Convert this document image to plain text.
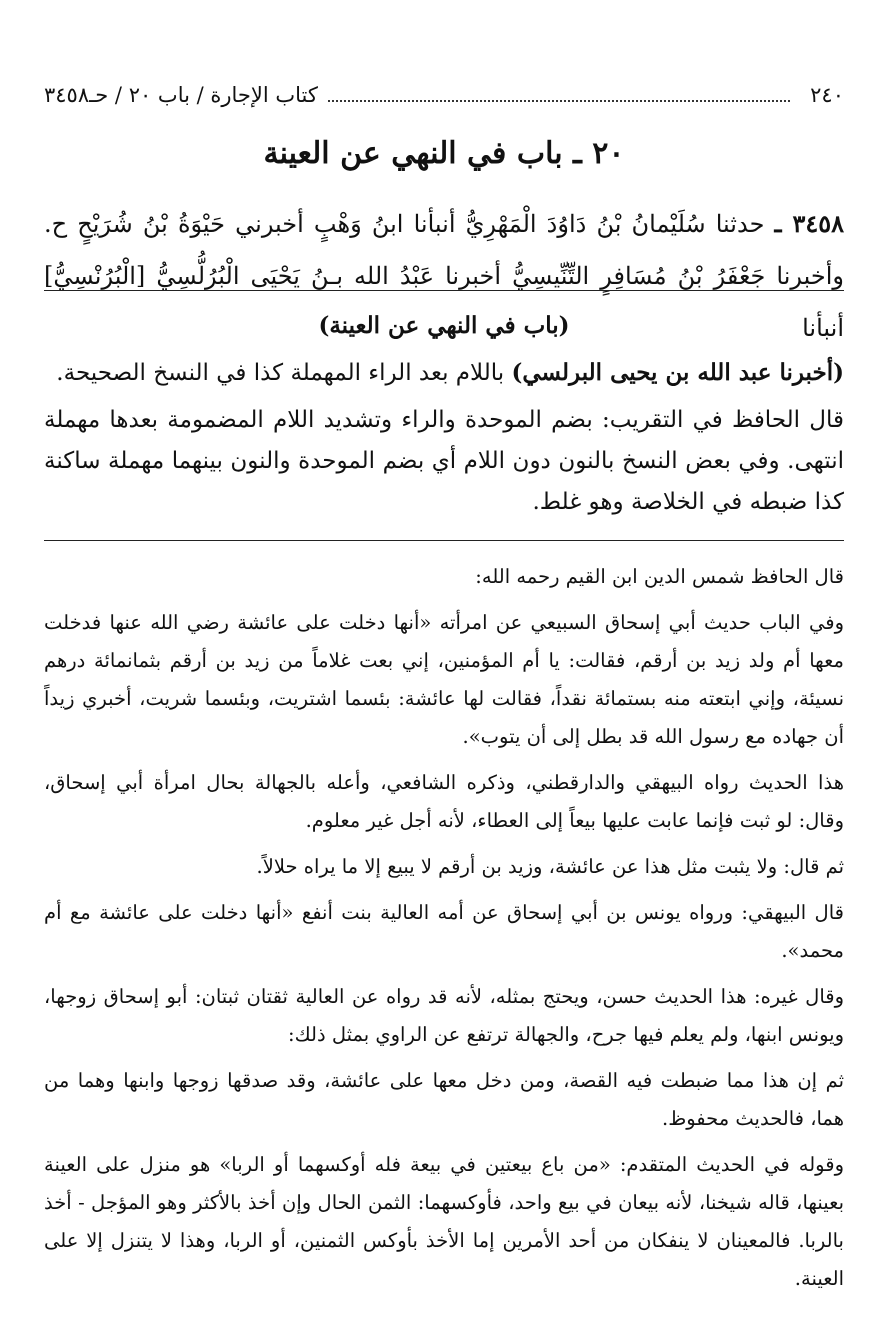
٢٤٠
كتاب الإجارة / باب ٢٠ / حـ٣٤٥٨
٢٠ ـ باب في النهي عن العينة
٣٤٥٨ ـ حدثنا سُلَيْمانُ بْنُ دَاوُدَ الْمَهْرِيُّ أنبأنا ابنُ وَهْبٍ أخبرني حَيْوَةُ بْنُ شُرَيْحٍ ح. وأخبرنا جَعْفَرُ بْنُ مُسَافِرٍ التِّنِّيسِيُّ أخبرنا عَبْدُ الله بـنُ يَحْيَى الْبُرُلُّسِيُّ [الْبُرُنْسِيُّ] أنبأنا

(باب في النهي عن العينة)

(أخبرنا عبد الله بن يحيى البرلسي) باللام بعد الراء المهملة كذا في النسخ الصحيحة.

قال الحافظ في التقريب: بضم الموحدة والراء وتشديد اللام المضمومة بعدها مهملة انتهى. وفي بعض النسخ بالنون دون اللام أي بضم الموحدة والنون بينهما مهملة ساكنة كذا ضبطه في الخلاصة وهو غلط.

قال الحافظ شمس الدين ابن القيم رحمه الله:

وفي الباب حديث أبي إسحاق السبيعي عن امرأته «أنها دخلت على عائشة رضي الله عنها فدخلت معها أم ولد زيد بن أرقم، فقالت: يا أم المؤمنين، إني بعت غلاماً من زيد بن أرقم بثمانمائة درهم نسيئة، وإني ابتعته منه بستمائة نقداً، فقالت لها عائشة: بئسما اشتريت، وبئسما شريت، أخبري زيداً أن جهاده مع رسول الله قد بطل إلى أن يتوب».

هذا الحديث رواه البيهقي والدارقطني، وذكره الشافعي، وأعله بالجهالة بحال امرأة أبي إسحاق، وقال: لو ثبت فإنما عابت عليها بيعاً إلى العطاء، لأنه أجل غير معلوم.

ثم قال: ولا يثبت مثل هذا عن عائشة، وزيد بن أرقم لا يبيع إلا ما يراه حلالاً.

قال البيهقي: ورواه يونس بن أبي إسحاق عن أمه العالية بنت أنفع «أنها دخلت على عائشة مع أم محمد».

وقال غيره: هذا الحديث حسن، ويحتج بمثله، لأنه قد رواه عن العالية ثقتان ثبتان: أبو إسحاق زوجها، ويونس ابنها، ولم يعلم فيها جرح، والجهالة ترتفع عن الراوي بمثل ذلك:

ثم إن هذا مما ضبطت فيه القصة، ومن دخل معها على عائشة، وقد صدقها زوجها وابنها وهما من هما، فالحديث محفوظ.

وقوله في الحديث المتقدم: «من باع بيعتين في بيعة فله أوكسهما أو الربا» هو منزل على العينة بعينها، قاله شيخنا، لأنه بيعان في بيع واحد، فأوكسهما: الثمن الحال وإن أخذ بالأكثر وهو المؤجل - أخذ بالربا. فالمعينان لا ينفكان من أحد الأمرين إما الأخذ بأوكس الثمنين، أو الربا، وهذا لا يتنزل إلا على العينة.
